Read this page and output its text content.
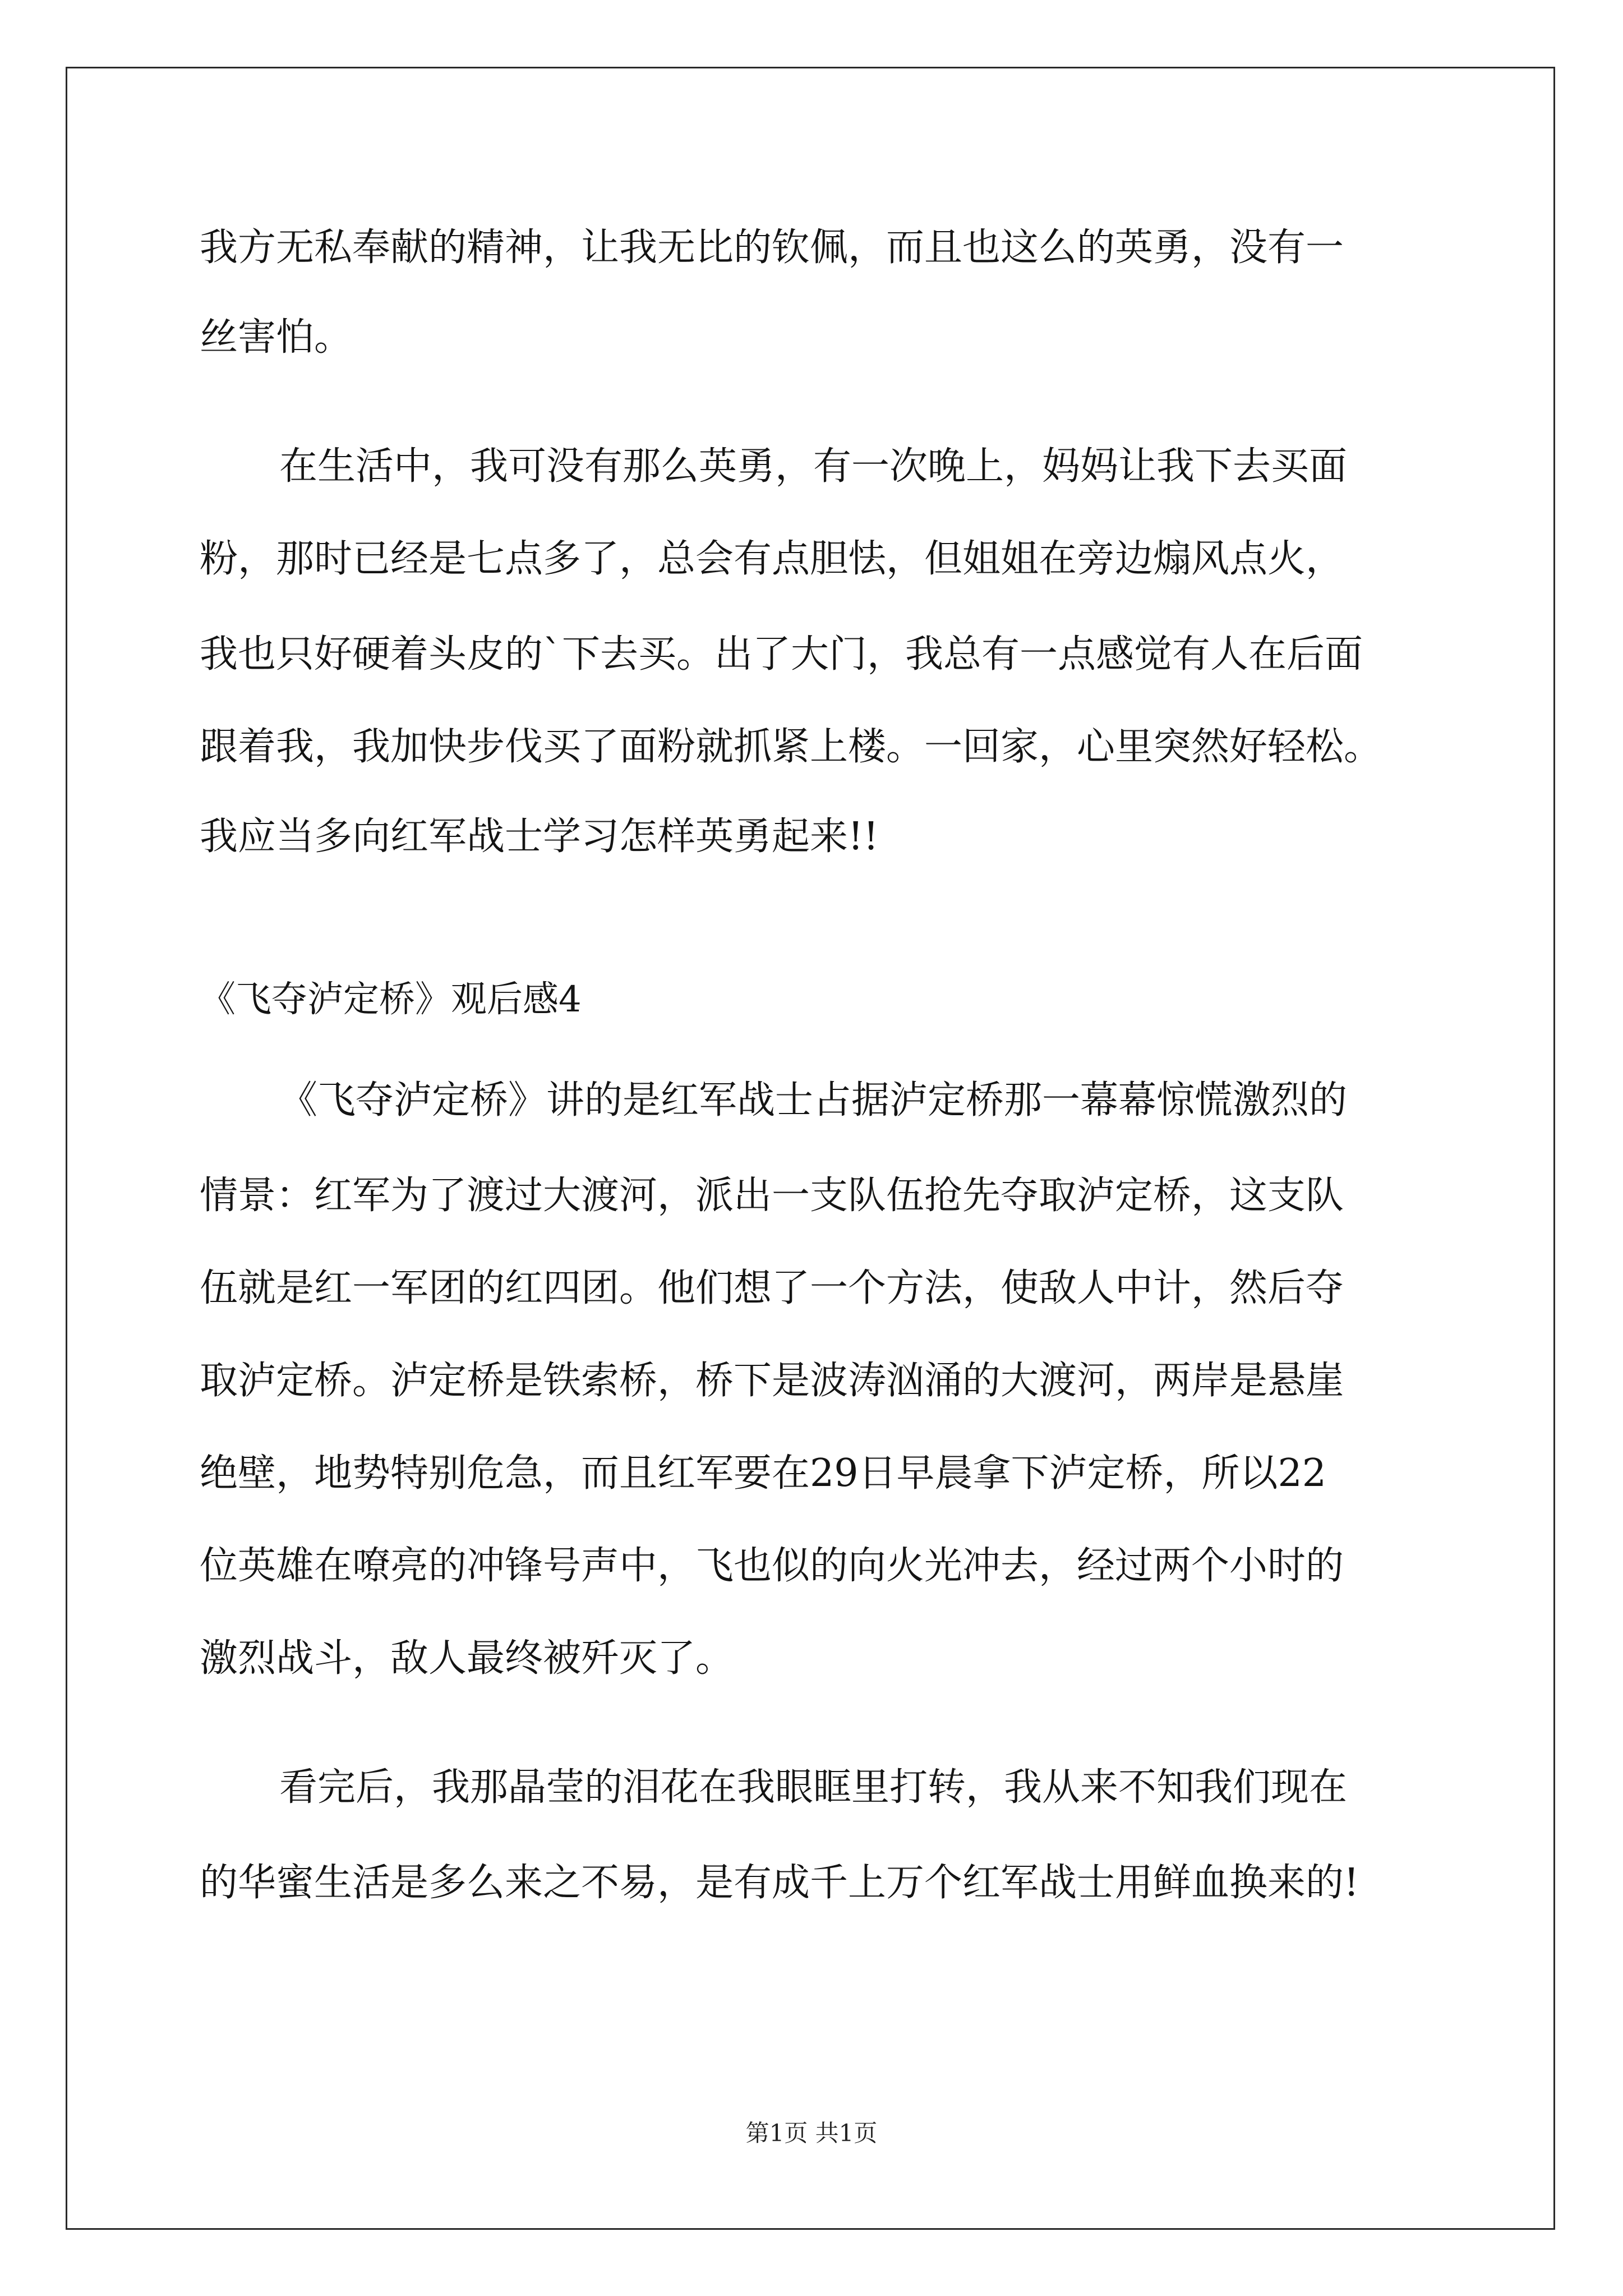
我方无私奉献的精神，让我无比的钦佩，而且也这么的英勇，没有一
丝害怕。
在生活中，我可没有那么英勇，有一次晚上，妈妈让我下去买面
粉，那时已经是七点多了，总会有点胆怯，但姐姐在旁边煽风点火，
我也只好硬着头皮的`下去买。出了大门，我总有一点感觉有人在后面
跟着我，我加快步伐买了面粉就抓紧上楼。一回家，心里突然好轻松。
我应当多向红军战士学习怎样英勇起来!!
《飞夺泸定桥》观后感4
《飞夺泸定桥》讲的是红军战士占据泸定桥那一幕幕惊慌激烈的
情景：红军为了渡过大渡河，派出一支队伍抢先夺取泸定桥，这支队
伍就是红一军团的红四团。他们想了一个方法，使敌人中计，然后夺
取泸定桥。泸定桥是铁索桥，桥下是波涛汹涌的大渡河，两岸是悬崖
绝壁，地势特别危急，而且红军要在29日早晨拿下泸定桥，所以22
位英雄在嘹亮的冲锋号声中，飞也似的向火光冲去，经过两个小时的
激烈战斗，敌人最终被歼灭了。
看完后，我那晶莹的泪花在我眼眶里打转，我从来不知我们现在
的华蜜生活是多么来之不易，是有成千上万个红军战士用鲜血换来的!
第1页 共1页
